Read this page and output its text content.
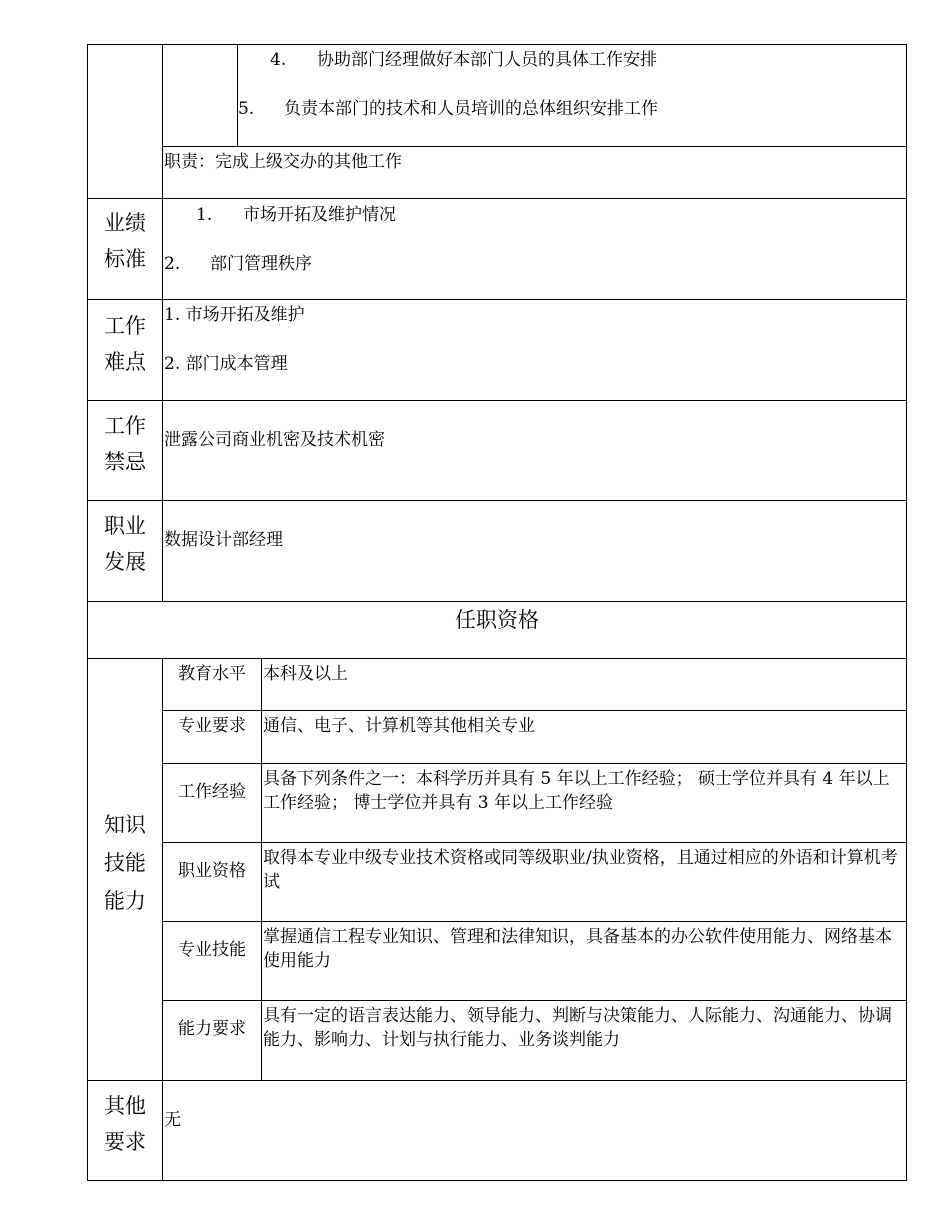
4. 协助部门经理做好本部门人员的具体工作安排
5. 负责本部门的技术和人员培训的总体组织安排工作
职责：完成上级交办的其他工作
业绩
标准
1. 市场开拓及维护情况
2. 部门管理秩序
工作
难点
1. 市场开拓及维护
2. 部门成本管理
工作
禁忌
泄露公司商业机密及技术机密
职业
发展
数据设计部经理
任职资格
知识
技能
能力
教育水平	本科及以上
专业要求	通信、电子、计算机等其他相关专业
工作经验
具备下列条件之一：本科学历并具有 5 年以上工作经验； 硕士学位并具有 4 年以上工作经验； 博士学位并具有 3 年以上工作经验
职业资格
取得本专业中级专业技术资格或同等级职业/执业资格，且通过相应的外语和计算机考试
专业技能
掌握通信工程专业知识、管理和法律知识，具备基本的办公软件使用能力、网络基本使用能力
能力要求
具有一定的语言表达能力、领导能力、判断与决策能力、人际能力、沟通能力、协调能力、影响力、计划与执行能力、业务谈判能力
其他
要求
无
